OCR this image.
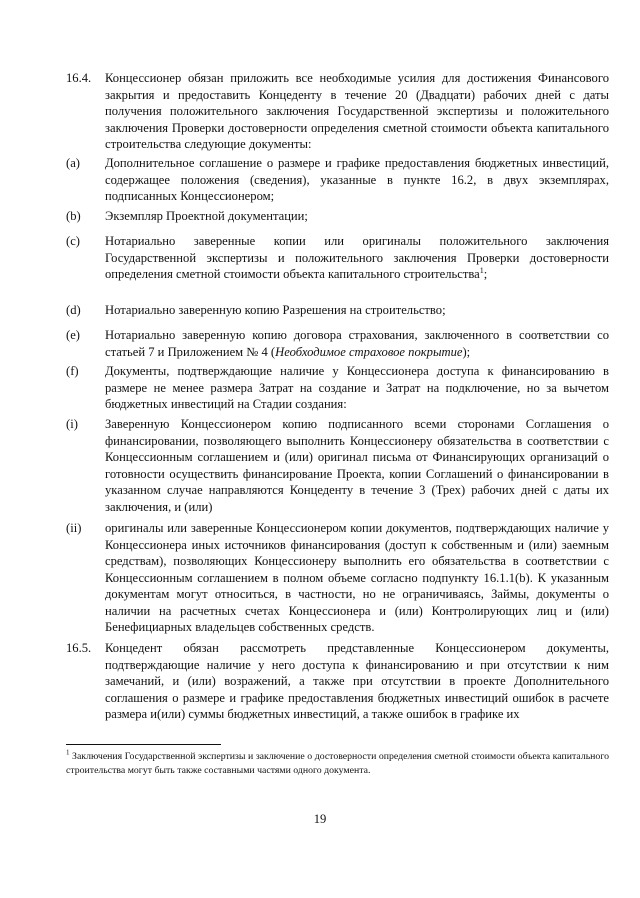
16.4.	Концессионер обязан приложить все необходимые усилия для достижения Финансового закрытия и предоставить Концеденту в течение 20 (Двадцати) рабочих дней с даты получения положительного заключения Государственной экспертизы и положительного заключения Проверки достоверности определения сметной стоимости объекта капитального строительства следующие документы:
(a)	Дополнительное соглашение о размере и графике предоставления бюджетных инвестиций, содержащее положения (сведения), указанные в пункте 16.2, в двух экземплярах, подписанных Концессионером;
(b)	Экземпляр Проектной документации;
(c)	Нотариально заверенные копии или оригиналы положительного заключения Государственной экспертизы и положительного заключения Проверки достоверности определения сметной стоимости объекта капитального строительства$^1$;
(d)	Нотариально заверенную копию Разрешения на строительство;
(e)	Нотариально заверенную копию договора страхования, заключенного в соответствии со статьей 7 и Приложением № 4 (Необходимое страховое покрытие);
(f)	Документы, подтверждающие наличие у Концессионера доступа к финансированию в размере не менее размера Затрат на создание и Затрат на подключение, но за вычетом бюджетных инвестиций на Стадии создания:
(i)	Заверенную Концессионером копию подписанного всеми сторонами Соглашения о финансировании, позволяющего выполнить Концессионеру обязательства в соответствии с Концессионным соглашением и (или) оригинал письма от Финансирующих организаций о готовности осуществить финансирование Проекта, копии Соглашений о финансировании в указанном случае направляются Концеденту в течение 3 (Трех) рабочих дней с даты их заключения, и (или)
(ii)	оригиналы или заверенные Концессионером копии документов, подтверждающих наличие у Концессионера иных источников финансирования (доступ к собственным и (или) заемным средствам), позволяющих Концессионеру выполнить его обязательства в соответствии с Концессионным соглашением в полном объеме согласно подпункту 16.1.1(b). К указанным документам могут относиться, в частности, но не ограничиваясь, Займы, документы о наличии на расчетных счетах Концессионера и (или) Контролирующих лиц и (или) Бенефициарных владельцев собственных средств.
16.5.	Концедент обязан рассмотреть представленные Концессионером документы, подтверждающие наличие у него доступа к финансированию и при отсутствии к ним замечаний, и (или) возражений, а также при отсутствии в проекте Дополнительного соглашения о размере и графике предоставления бюджетных инвестиций ошибок в расчете размера и(или) суммы бюджетных инвестиций, а также ошибок в графике их
$^1$ Заключения Государственной экспертизы и заключение о достоверности определения сметной стоимости объекта капитального строительства могут быть также составными частями одного документа.
19
